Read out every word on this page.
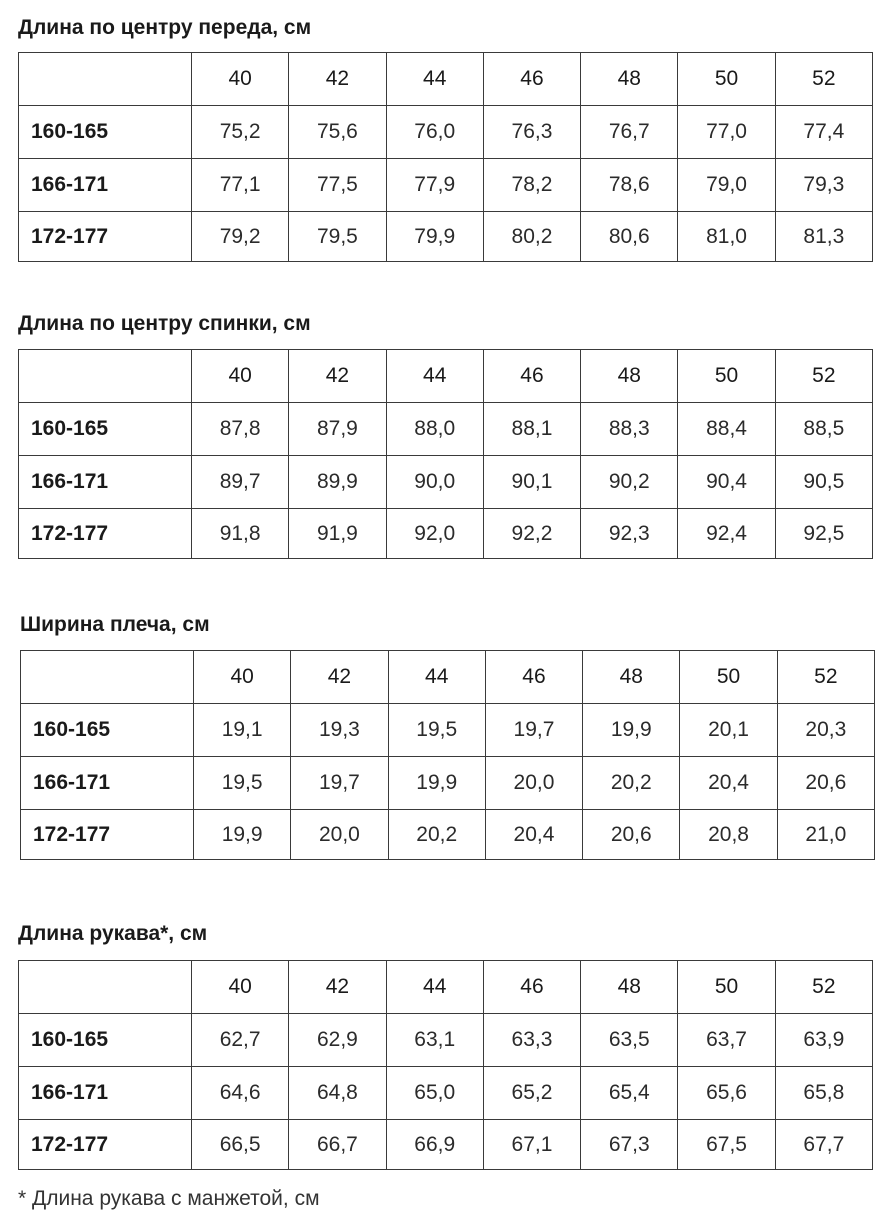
Длина по центру переда, см
	40	42	44	46	48	50	52
160-165	75,2	75,6	76,0	76,3	76,7	77,0	77,4
166-171	77,1	77,5	77,9	78,2	78,6	79,0	79,3
172-177	79,2	79,5	79,9	80,2	80,6	81,0	81,3
Длина по центру спинки, см
	40	42	44	46	48	50	52
160-165	87,8	87,9	88,0	88,1	88,3	88,4	88,5
166-171	89,7	89,9	90,0	90,1	90,2	90,4	90,5
172-177	91,8	91,9	92,0	92,2	92,3	92,4	92,5
Ширина плеча, см
	40	42	44	46	48	50	52
160-165	19,1	19,3	19,5	19,7	19,9	20,1	20,3
166-171	19,5	19,7	19,9	20,0	20,2	20,4	20,6
172-177	19,9	20,0	20,2	20,4	20,6	20,8	21,0
Длина рукава*, см
	40	42	44	46	48	50	52
160-165	62,7	62,9	63,1	63,3	63,5	63,7	63,9
166-171	64,6	64,8	65,0	65,2	65,4	65,6	65,8
172-177	66,5	66,7	66,9	67,1	67,3	67,5	67,7
* Длина рукава с манжетой, см
